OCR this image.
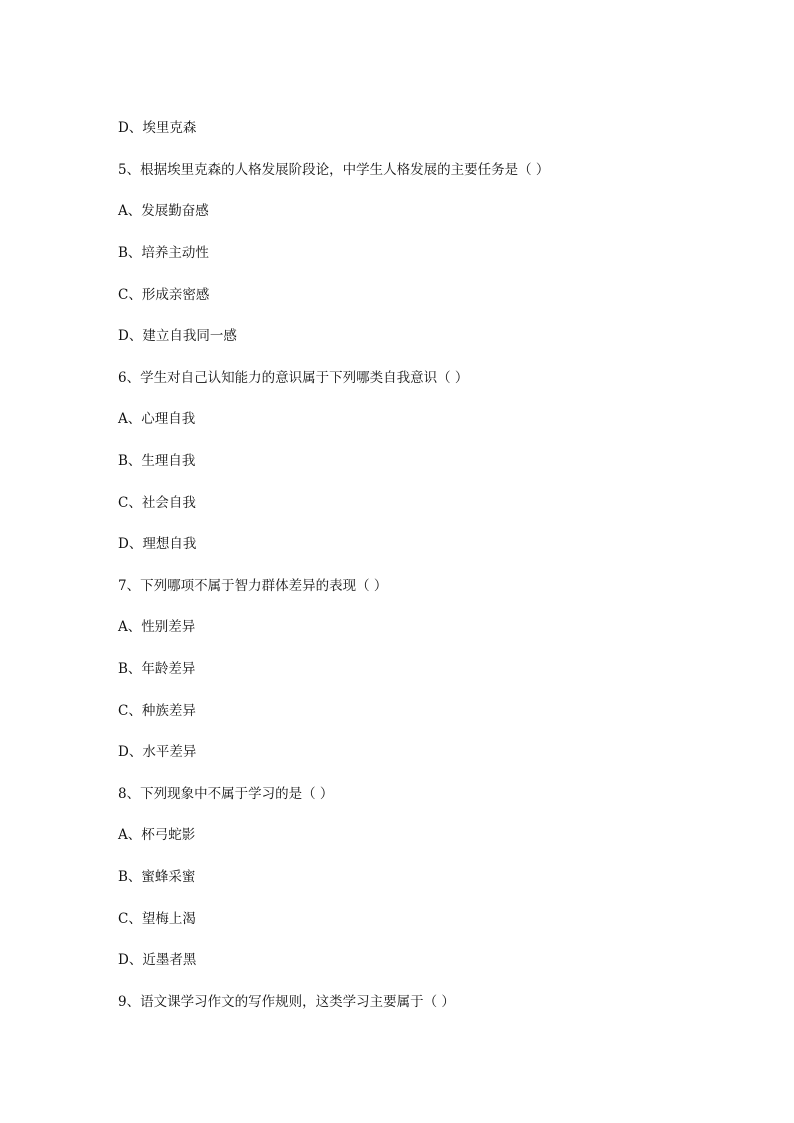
D、埃里克森
5、根据埃里克森的人格发展阶段论，中学生人格发展的主要任务是（ ）
A、发展勤奋感
B、培养主动性
C、形成亲密感
D、建立自我同一感
6、学生对自己认知能力的意识属于下列哪类自我意识（ ）
A、心理自我
B、生理自我
C、社会自我
D、理想自我
7、下列哪项不属于智力群体差异的表现（ ）
A、性别差异
B、年龄差异
C、种族差异
D、水平差异
8、下列现象中不属于学习的是（ ）
A、杯弓蛇影
B、蜜蜂采蜜
C、望梅上渴
D、近墨者黑
9、语文课学习作文的写作规则，这类学习主要属于（ ）
